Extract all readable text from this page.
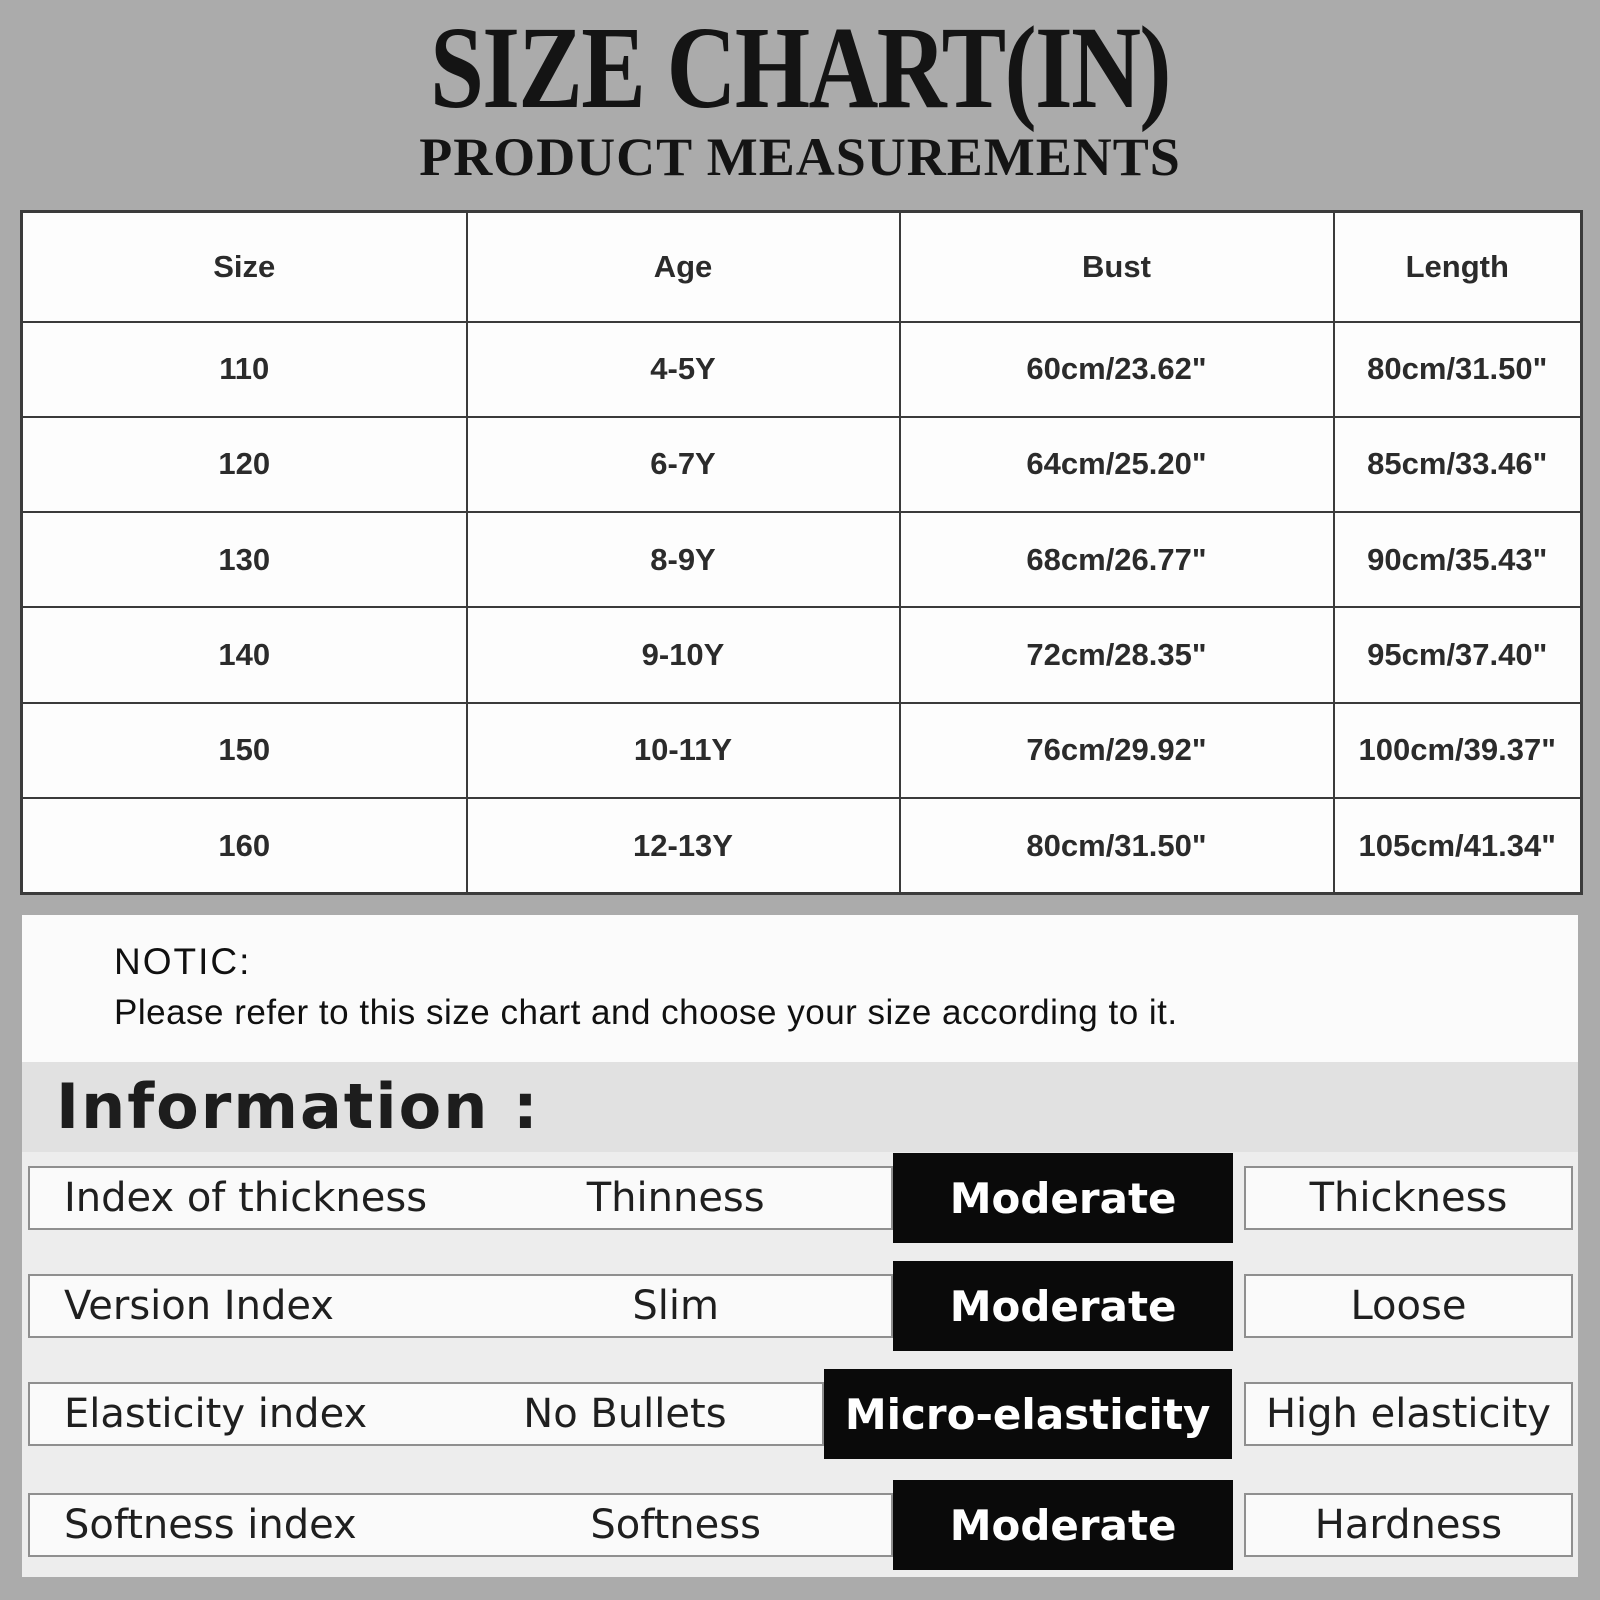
SIZE CHART(IN)
PRODUCT MEASUREMENTS
Size	Age	Bust	Length
110	4-5Y	60cm/23.62"	80cm/31.50"
120	6-7Y	64cm/25.20"	85cm/33.46"
130	8-9Y	68cm/26.77"	90cm/35.43"
140	9-10Y	72cm/28.35"	95cm/37.40"
150	10-11Y	76cm/29.92"	100cm/39.37"
160	12-13Y	80cm/31.50"	105cm/41.34"
NOTIC:
Please refer to this size chart and choose your size according to it.
Information :
Index of thickness	Thinness	Moderate	Thickness
Version Index	Slim	Moderate	Loose
Elasticity index	No Bullets	Micro-elasticity	High elasticity
Softness index	Softness	Moderate	Hardness
